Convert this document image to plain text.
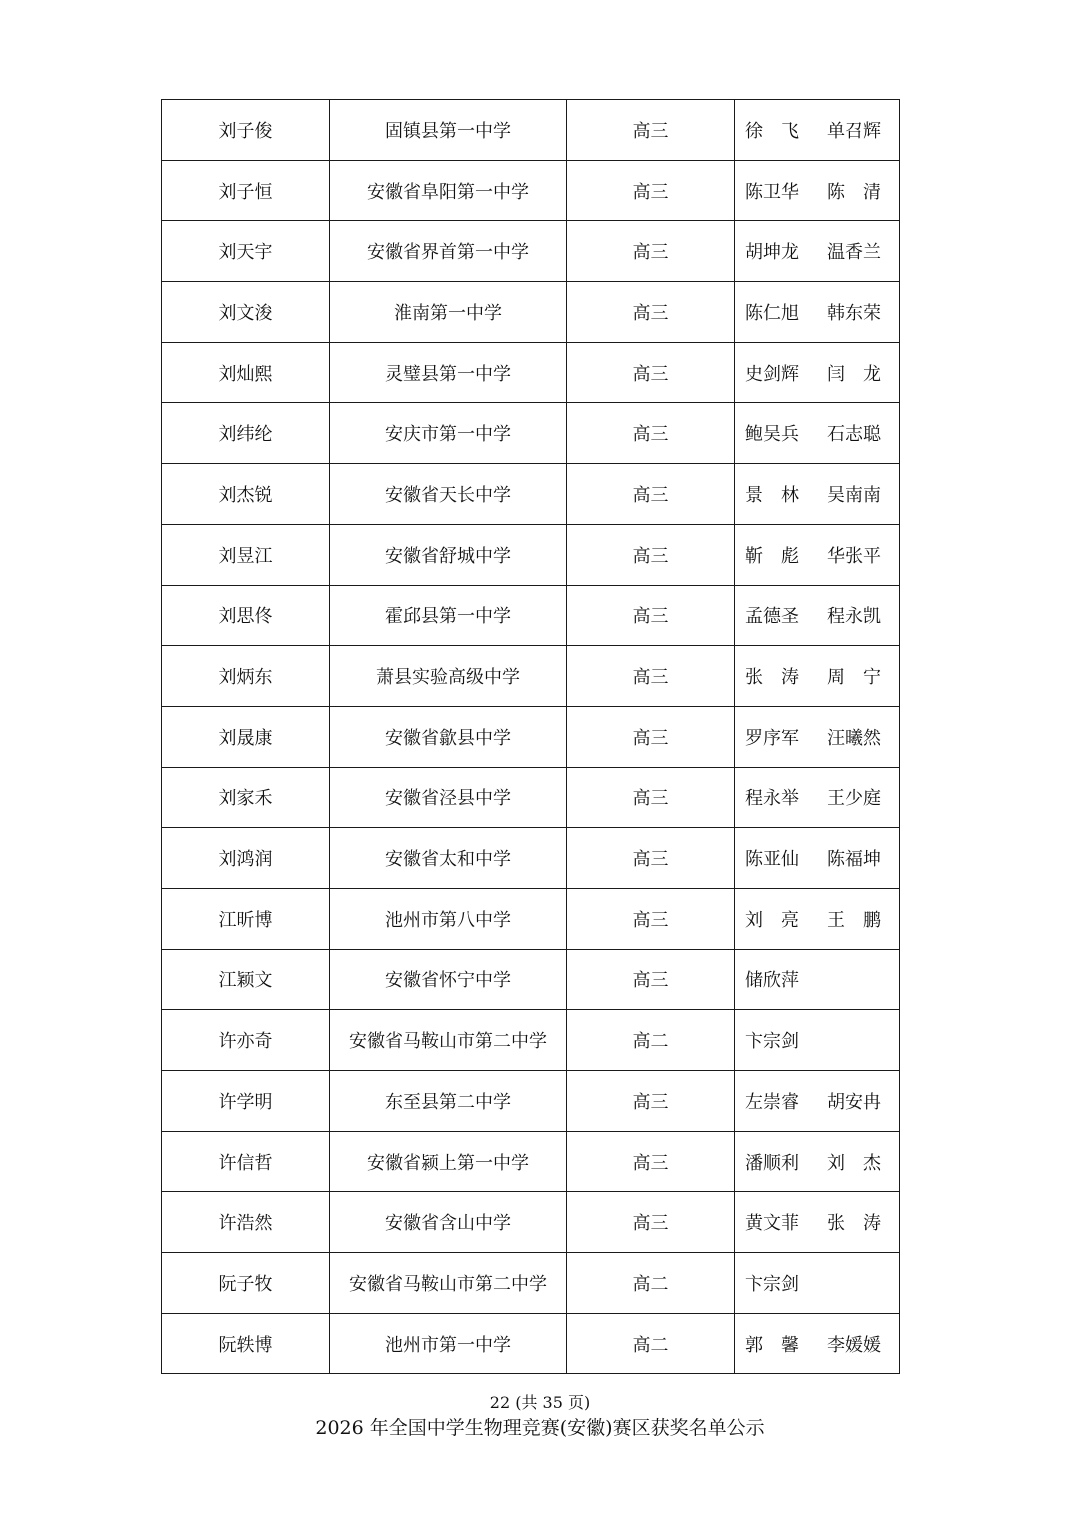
刘子俊	固镇县第一中学	高三	徐 飞 单召辉

刘子恒	安徽省阜阳第一中学	高三	陈卫华 陈 清

刘天宇	安徽省界首第一中学	高三	胡坤龙 温香兰

刘文浚	淮南第一中学	高三	陈仁旭 韩东荣

刘灿熙	灵璧县第一中学	高三	史剑辉 闫 龙

刘纬纶	安庆市第一中学	高三	鲍吴兵 石志聪

刘杰锐	安徽省天长中学	高三	景 林 吴南南

刘昱江	安徽省舒城中学	高三	靳 彪 华张平

刘思佟	霍邱县第一中学	高三	孟德圣 程永凯

刘炳东	萧县实验高级中学	高三	张 涛 周 宁

刘晟康	安徽省歙县中学	高三	罗序军 汪曦然

刘家禾	安徽省泾县中学	高三	程永举 王少庭

刘鸿润	安徽省太和中学	高三	陈亚仙 陈福坤

江昕博	池州市第八中学	高三	刘 亮 王 鹏

江颖文	安徽省怀宁中学	高三	储欣萍

许亦奇	安徽省马鞍山市第二中学	高二	卞宗剑

许学明	东至县第二中学	高三	左崇睿 胡安冉

许信哲	安徽省颍上第一中学	高三	潘顺利 刘 杰

许浩然	安徽省含山中学	高三	黄文菲 张 涛

阮子牧	安徽省马鞍山市第二中学	高二	卞宗剑

阮轶博	池州市第一中学	高二	郭 馨 李媛媛
22 (共 35 页)
2026 年全国中学生物理竞赛(安徽)赛区获奖名单公示
